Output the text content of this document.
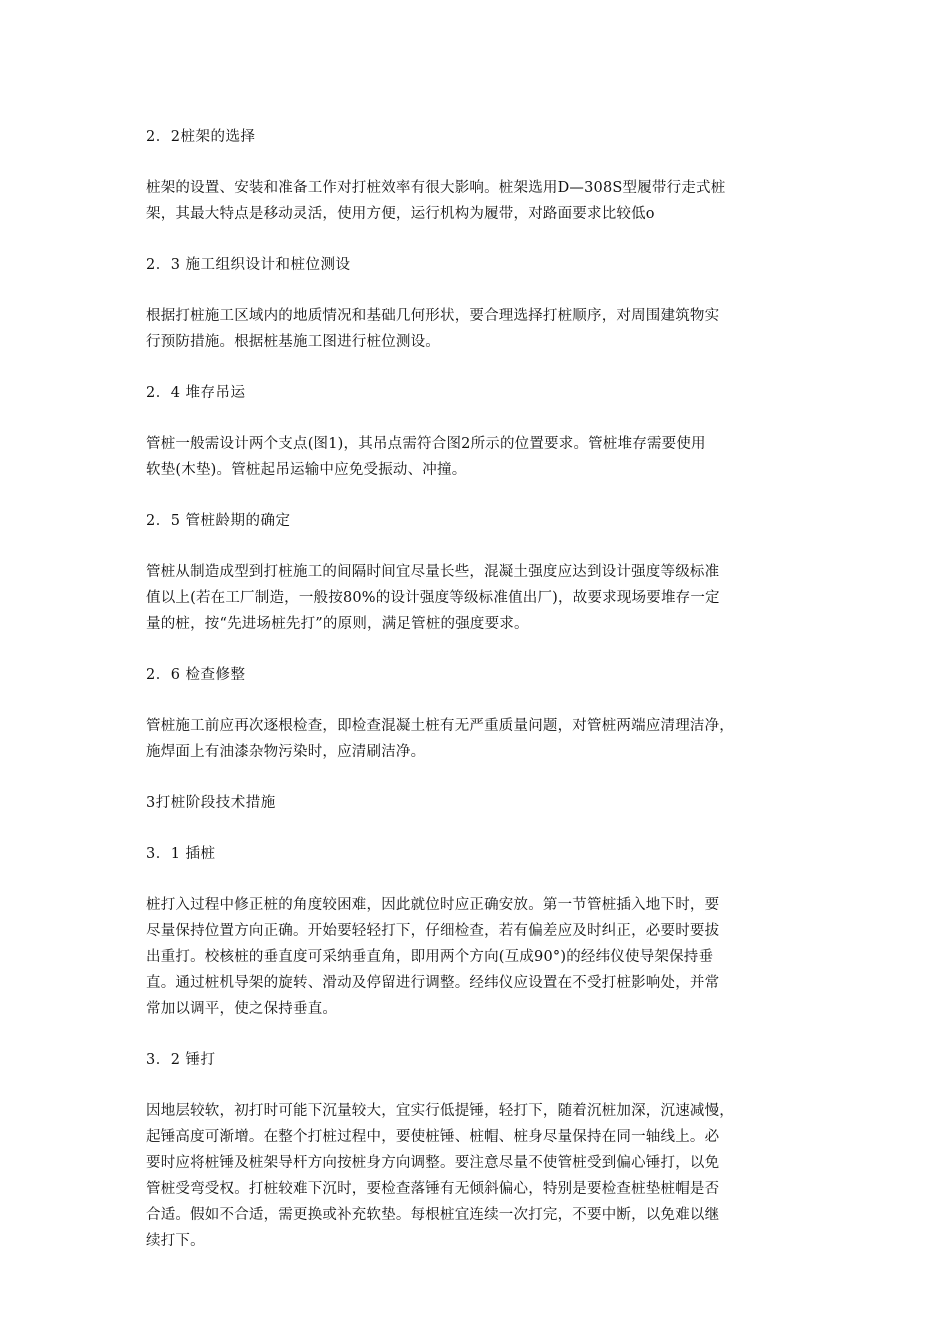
2．2桩架的选择
桩架的设置、安装和准备工作对打桩效率有很大影响。桩架选用D—308S型履带行走式桩
架，其最大特点是移动灵活，使用方便，运行机构为履带，对路面要求比较低o
2．3 施工组织设计和桩位测设
根据打桩施工区域内的地质情况和基础几何形状，要合理选择打桩顺序，对周围建筑物实
行预防措施。根据桩基施工图进行桩位测设。
2．4 堆存吊运
管桩一般需设计两个支点(图1)，其吊点需符合图2所示的位置要求。管桩堆存需要使用
软垫(木垫)。管桩起吊运输中应免受振动、冲撞。
2．5 管桩龄期的确定
管桩从制造成型到打桩施工的间隔时间宜尽量长些，混凝土强度应达到设计强度等级标准
值以上(若在工厂制造，一般按80%的设计强度等级标准值出厂)，故要求现场要堆存一定
量的桩，按“先进场桩先打”的原则，满足管桩的强度要求。
2．6 检查修整
管桩施工前应再次逐根检查，即检查混凝土桩有无严重质量问题，对管桩两端应清理洁净，
施焊面上有油漆杂物污染时，应清刷洁净。
3打桩阶段技术措施
3．1 插桩
桩打入过程中修正桩的角度较困难，因此就位时应正确安放。第一节管桩插入地下时，要
尽量保持位置方向正确。开始要轻轻打下，仔细检查，若有偏差应及时纠正，必要时要拔
出重打。校核桩的垂直度可采纳垂直角，即用两个方向(互成90°)的经纬仪使导架保持垂
直。通过桩机导架的旋转、滑动及停留进行调整。经纬仪应设置在不受打桩影响处，并常
常加以调平，使之保持垂直。
3．2 锤打
因地层较软，初打时可能下沉量较大，宜实行低提锤，轻打下，随着沉桩加深，沉速减慢，
起锤高度可渐增。在整个打桩过程中，要使桩锤、桩帽、桩身尽量保持在同一轴线上。必
要时应将桩锤及桩架导杆方向按桩身方向调整。要注意尽量不使管桩受到偏心锤打，以免
管桩受弯受权。打桩较难下沉时，要检查落锤有无倾斜偏心，特别是要检查桩垫桩帽是否
合适。假如不合适，需更换或补充软垫。每根桩宜连续一次打完，不要中断，以免难以继
续打下。
